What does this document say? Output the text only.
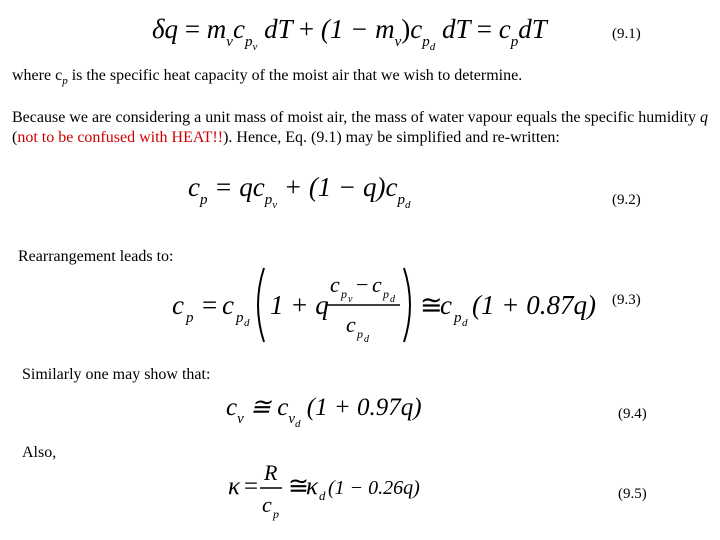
$\delta q = m_vc_{pv}$ dT + $(1 - m_v)c_{pd}$ dT = $c_pdT$	(9.1)
where $c_p$ is the specific heat capacity of the moist air that we wish to determine.
Because we are considering a unit mass of moist air, the mass of water vapour equals the specific humidity q (not to be confused with HEAT!!). Hence, Eq. (9.1) may be simplified and re-written:
$c_p = qc_{pv} + (1 - q)c_{pd}$	(9.2)
Rearrangement leads to:
c p = c p d
1 + q
c p v
− c p d
c p d
≅
c p d
(1 + 0.87q) (9.3)
Similarly one may show that:
$c_v$ ≅ $c_{vd}$ (1 + 0.97q)	(9.4)
Also,
κ =
R
c p
≅
κ d (1 − 0.26q)	(9.5)
